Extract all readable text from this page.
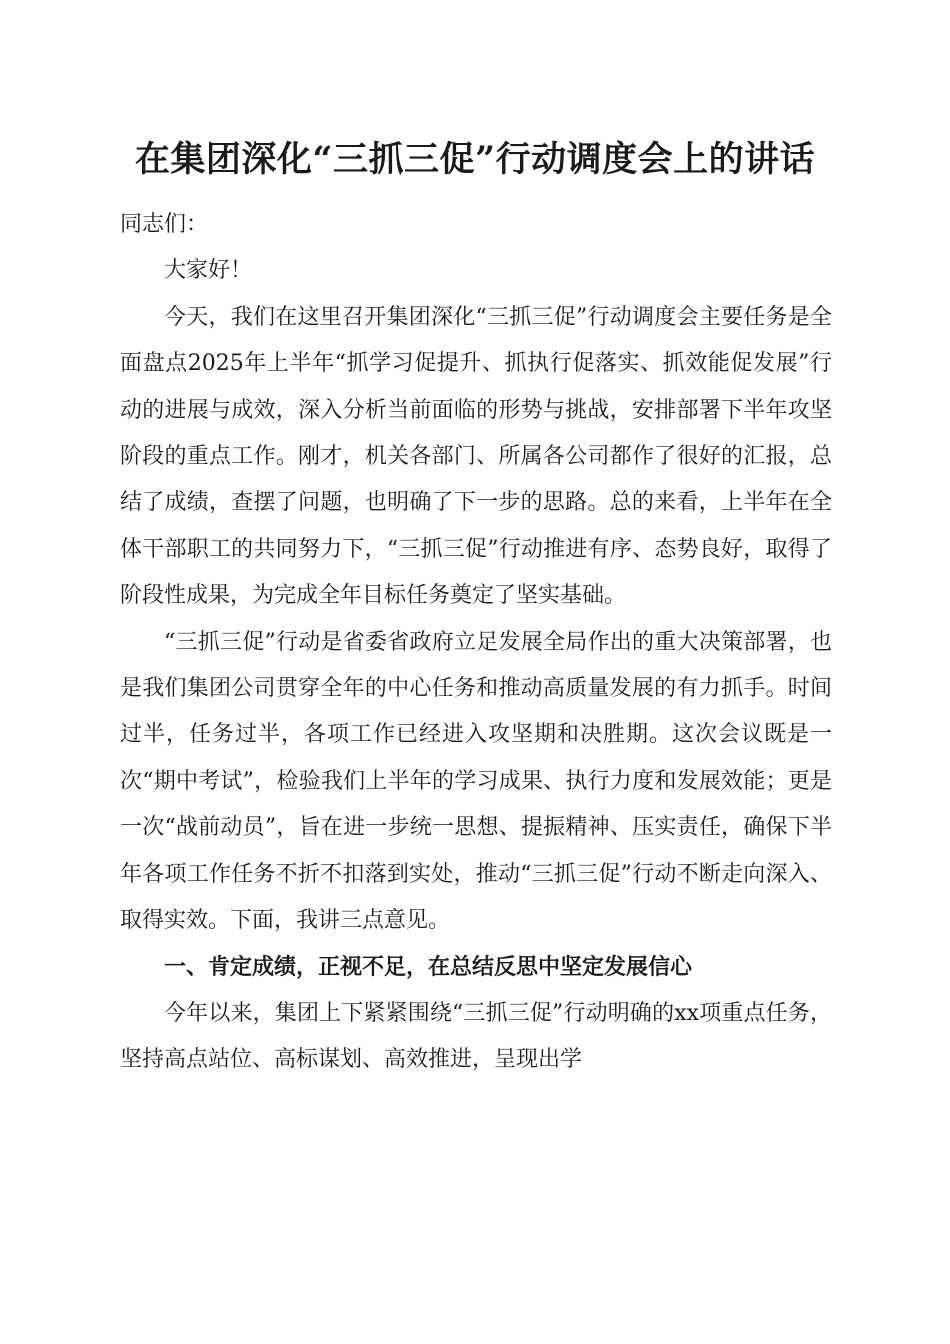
在集团深化“三抓三促”行动调度会上的讲话

同志们：

大家好！

今天，我们在这里召开集团深化“三抓三促”行动调度会主要任务是全面盘点2025年上半年“抓学习促提升、抓执行促落实、抓效能促发展”行动的进展与成效，深入分析当前面临的形势与挑战，安排部署下半年攻坚阶段的重点工作。刚才，机关各部门、所属各公司都作了很好的汇报，总结了成绩，查摆了问题，也明确了下一步的思路。总的来看，上半年在全体干部职工的共同努力下，“三抓三促”行动推进有序、态势良好，取得了阶段性成果，为完成全年目标任务奠定了坚实基础。

“三抓三促”行动是省委省政府立足发展全局作出的重大决策部署，也是我们集团公司贯穿全年的中心任务和推动高质量发展的有力抓手。时间过半，任务过半，各项工作已经进入攻坚期和决胜期。这次会议既是一次“期中考试”，检验我们上半年的学习成果、执行力度和发展效能；更是一次“战前动员”，旨在进一步统一思想、提振精神、压实责任，确保下半年各项工作任务不折不扣落到实处，推动“三抓三促”行动不断走向深入、取得实效。下面，我讲三点意见。

一、肯定成绩，正视不足，在总结反思中坚定发展信心

今年以来，集团上下紧紧围绕“三抓三促”行动明确的xx项重点任务，坚持高点站位、高标谋划、高效推进，呈现出学
